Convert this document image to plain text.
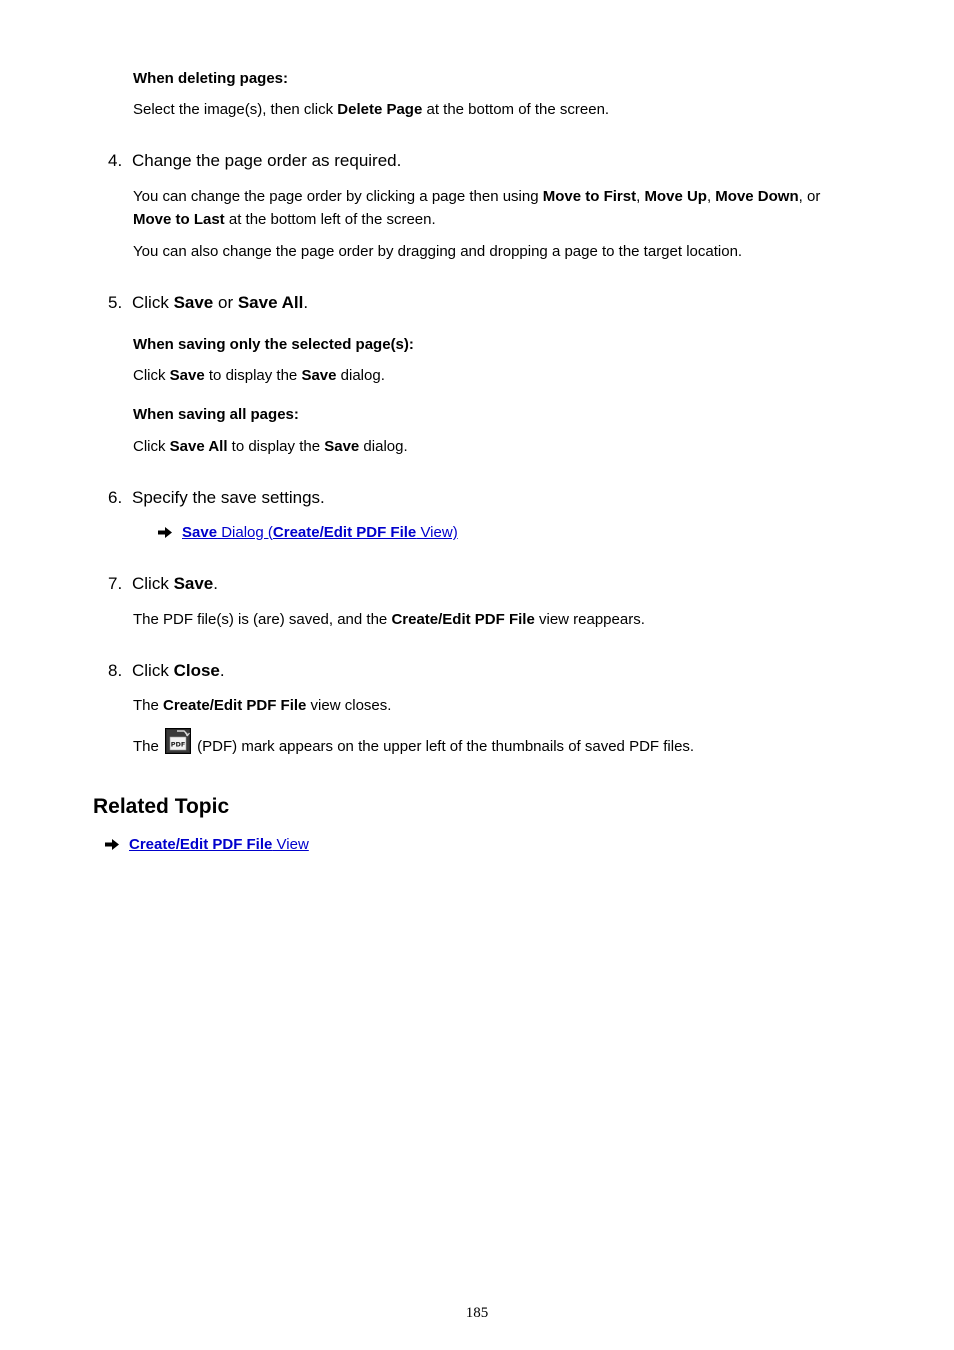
When deleting pages:
Select the image(s), then click Delete Page at the bottom of the screen.
4. Change the page order as required.
You can change the page order by clicking a page then using Move to First, Move Up, Move Down, or
Move to Last at the bottom left of the screen.
You can also change the page order by dragging and dropping a page to the target location.
5. Click Save or Save All.
When saving only the selected page(s):
Click Save to display the Save dialog.
When saving all pages:
Click Save All to display the Save dialog.
6. Specify the save settings.
Save Dialog (Create/Edit PDF File View)
7. Click Save.
The PDF file(s) is (are) saved, and the Create/Edit PDF File view reappears.
8. Click Close.
The Create/Edit PDF File view closes.
The PDF (PDF) mark appears on the upper left of the thumbnails of saved PDF files.
Related Topic
Create/Edit PDF File View
185
